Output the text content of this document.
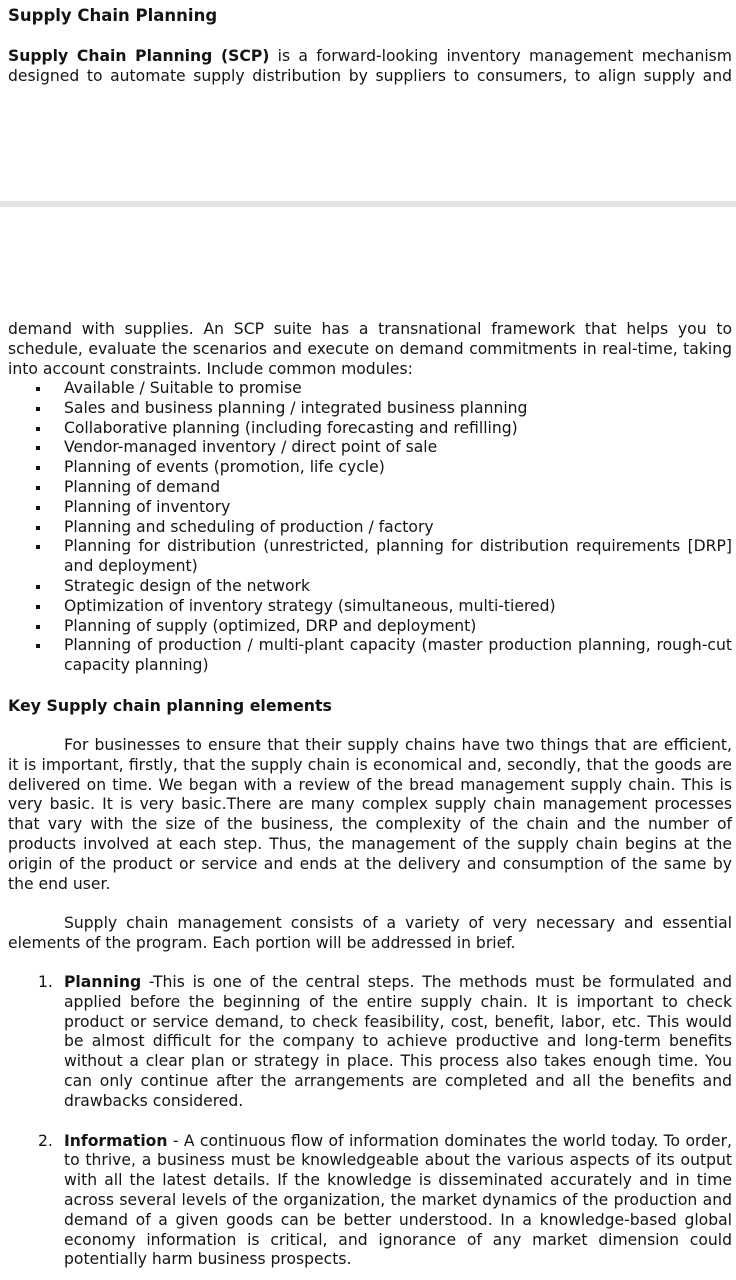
Supply Chain Planning
Supply Chain Planning (SCP) is a forward-looking inventory management mechanism designed to automate supply distribution by suppliers to consumers, to align supply and
demand with supplies. An SCP suite has a transnational framework that helps you to schedule, evaluate the scenarios and execute on demand commitments in real-time, taking into account constraints. Include common modules:
Available / Suitable to promise
Sales and business planning / integrated business planning
Collaborative planning (including forecasting and refilling)
Vendor-managed inventory / direct point of sale
Planning of events (promotion, life cycle)
Planning of demand
Planning of inventory
Planning and scheduling of production / factory
Planning for distribution (unrestricted, planning for distribution requirements [DRP] and deployment)
Strategic design of the network
Optimization of inventory strategy (simultaneous, multi-tiered)
Planning of supply (optimized, DRP and deployment)
Planning of production / multi-plant capacity (master production planning, rough-cut capacity planning)
Key Supply chain planning elements
For businesses to ensure that their supply chains have two things that are efficient, it is important, firstly, that the supply chain is economical and, secondly, that the goods are delivered on time. We began with a review of the bread management supply chain. This is very basic. It is very basic.There are many complex supply chain management processes that vary with the size of the business, the complexity of the chain and the number of products involved at each step. Thus, the management of the supply chain begins at the origin of the product or service and ends at the delivery and consumption of the same by the end user.
Supply chain management consists of a variety of very necessary and essential elements of the program. Each portion will be addressed in brief.
1. Planning -This is one of the central steps. The methods must be formulated and applied before the beginning of the entire supply chain. It is important to check product or service demand, to check feasibility, cost, benefit, labor, etc. This would be almost difficult for the company to achieve productive and long-term benefits without a clear plan or strategy in place. This process also takes enough time. You can only continue after the arrangements are completed and all the benefits and drawbacks considered.
2. Information - A continuous flow of information dominates the world today. To order, to thrive, a business must be knowledgeable about the various aspects of its output with all the latest details. If the knowledge is disseminated accurately and in time across several levels of the organization, the market dynamics of the production and demand of a given goods can be better understood. In a knowledge-based global economy information is critical, and ignorance of any market dimension could potentially harm business prospects.
